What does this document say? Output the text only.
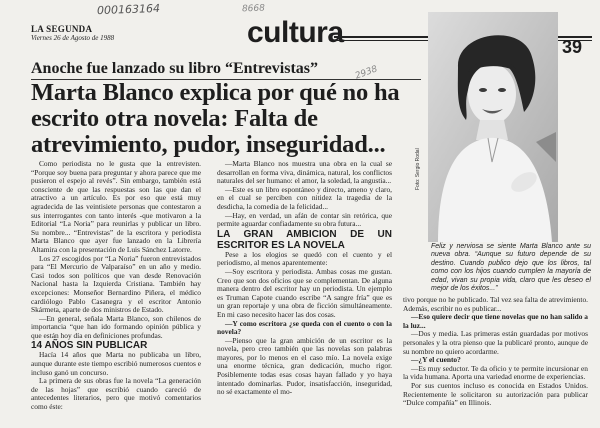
000163164	8668
2938
LA SEGUNDA
Viernes 26 de Agosto de 1988	cultura	39
Anoche fue lanzado su libro “Entrevistas”
Marta Blanco explica por qué no ha escrito otra novela: Falta de atrevimiento, pudor, inseguridad...
Foto: Sergio Rodal
Feliz y nerviosa se siente Marta Blanco ante su nueva obra. “Aunque su futuro depende de su destino. Cuando publico dejo que los libros, tal como con los hijos cuando cumplen la mayoría de edad, vivan su propia vida, claro que les deseo el mejor de los éxitos...”

Como periodista no le gusta que la entrevisten. “Porque soy buena para preguntar y ahora parece que me pusieron el espejo al revés”. Sin embargo, también está consciente de que las respuestas son las que dan el atractivo a un artículo. Es por eso que está muy agradecida de las veintisiete personas que contestaron a sus interrogantes con tanto interés -que motivaron a la Editorial “La Noria” para reunirlas y publicar un libro. Su nombre... “Entrevistas” de la escritora y periodista Marta Blanco que ayer fue lanzado en la Librería Altamira con la presentación de Luis Sánchez Latorre.

Los 27 escogidos por “La Noria” fueron entrevistados para “El Mercurio de Valparaíso” en un año y medio. Casi todos son políticos que van desde Renovación Nacional hasta la Izquierda Cristiana. También hay excepciones: Monseñor Bernardino Piñera, el médico cardiólogo Pablo Casanegra y el escritor Antonio Skármeta, aparte de dos ministros de Estado.

—En general, señala Marta Blanco, son chilenos de importancia “que han ido formando opinión pública y que están hoy día en definiciones profundas.

14 AÑOS SIN PUBLICAR

Hacía 14 años que Marta no publicaba un libro, aunque durante este tiempo escribió numerosos cuentos e incluso ganó un concurso.

La primera de sus obras fue la novela “La generación de las hojas” que escribió cuando careció de antecedentes literarios, pero que motivó comentarios como éste:

—Marta Blanco nos muestra una obra en la cual se desarrollan en forma viva, dinámica, natural, los conflictos naturales del ser humano: el amor, la soledad, la angustia...

—Este es un libro espontáneo y directo, ameno y claro, en el cual se perciben con nitidez la tragedia de la desdicha, la comedia de la felicidad...

—Hay, en verdad, un afán de contar sin retórica, que permite aguardar confiadamente su obra futura...

LA GRAN AMBICION DE UN ESCRITOR ES LA NOVELA

Pese a los elogios se quedó con el cuento y el periodismo, al menos aparentemente:

—Soy escritora y periodista. Ambas cosas me gustan. Creo que son dos oficios que se complementan. De alguna manera dentro del escritor hay un periodista. Un ejemplo es Truman Capote cuando escribe “A sangre fría” que es un gran reportaje y una obra de ficción simultáneamente. En mi caso necesito hacer las dos cosas.

—Y como escritora ¿se queda con el cuento o con la novela?

—Pienso que la gran ambición de un escritor es la novela, pero creo también que las novelas son palabras mayores, por lo menos en el caso mío. La novela exige una enorme técnica, gran dedicación, mucho rigor. Posiblemente todas esas cosas hayan fallado y yo haya intentado dominarlas. Pudor, insatisfacción, inseguridad, no sé exactamente el mo-

tivo porque no he publicado. Tal vez sea falta de atrevimiento. Además, escribir no es publicar...

—Eso quiere decir que tiene novelas que no han salido a la luz...

—Dos y media. Las primeras están guardadas por motivos personales y la otra pienso que la publicaré pronto, aunque de su nombre no quiero acordarme.

—¿Y el cuento?

—Es muy seductor. Te da oficio y te permite incursionar en la vida humana. Aporta una variedad enorme de experiencias.

Por sus cuentos incluso es conocida en Estados Unidos. Recientemente le solicitaron su autorización para publicar “Dulce compañía” en Illinois.
